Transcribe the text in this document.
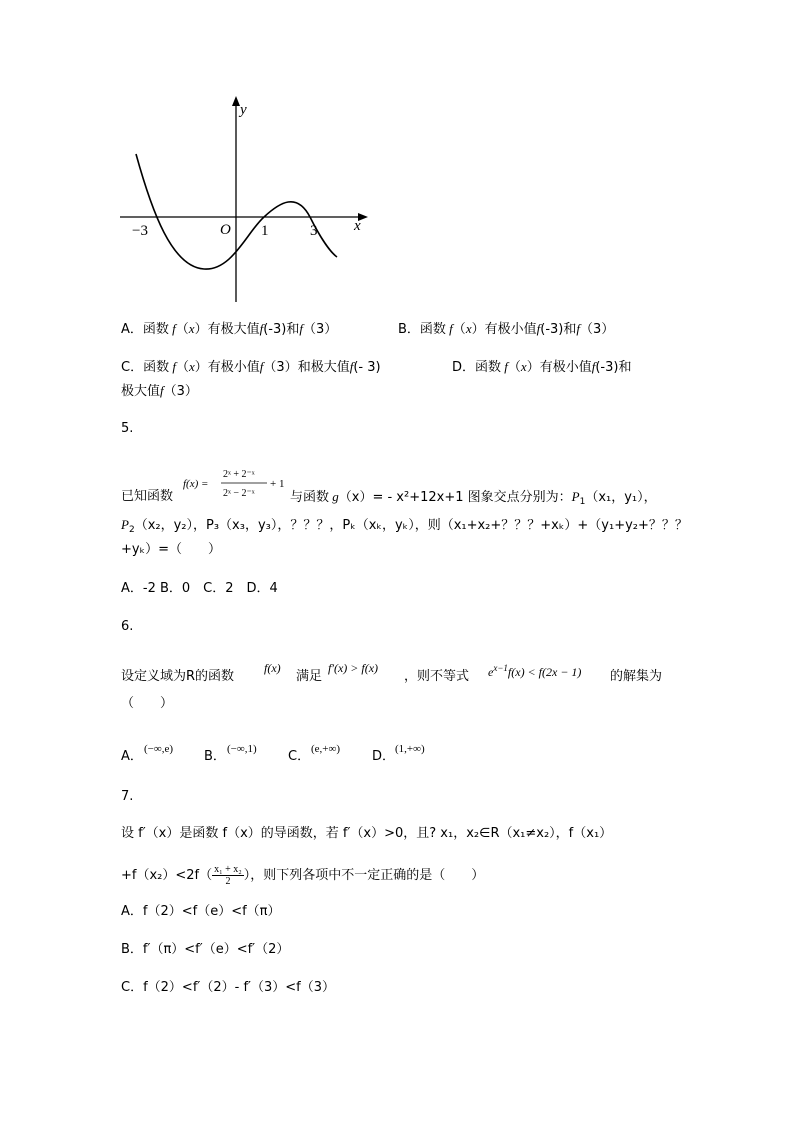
y
x
O
−3	1	3
A．函数 f（x）有极大值f(-3)和f（3）	B．函数 f（x）有极小值f(-3)和f（3）
C．函数 f（x）有极小值f（3）和极大值f(- 3)	D．函数 f（x）有极小值f(-3)和
极大值f（3）
5.
已知函数
f(x) =
2ˣ + 2⁻ˣ
2ˣ − 2⁻ˣ
+ 1
与函数 g（x）= - x²+12x+1 图象交点分别为：$P_1(x_1$，y₁），
$P_2(x_2$，y₂），P₃（x₃，y₃），？？？，Pₖ（xₖ，yₖ），则（x₁+x₂+？？？+xₖ）+（y₁+y₂+？？？
+yₖ）=（　　）
A．-2 B．0　C．2　D．4
6.
设定义域为R的函数
f(x)
满足
f′(x) > f(x)
，则不等式 $e^{x-1}f(x) < f(2x - 1)$ 的解集为
（　　）
A． (−∞,e) B． (−∞,1) C． (e,+∞) D． (1,+∞)
7.
设 f′（x）是函数 f（x）的导函数，若 f′（x）>0，且? x₁，x₂∈R（x₁≠x₂），f（x₁）
$+f(x_2)<2f( \frac{\text{x₁ + x₂}}{2}$ ），则下列各项中不一定正确的是（　　）
A．f（2）<f（e）<f（π）
B．f′（π）<f′（e）<f′（2）
C．f（2）<f′（2）- f′（3）<f（3）
